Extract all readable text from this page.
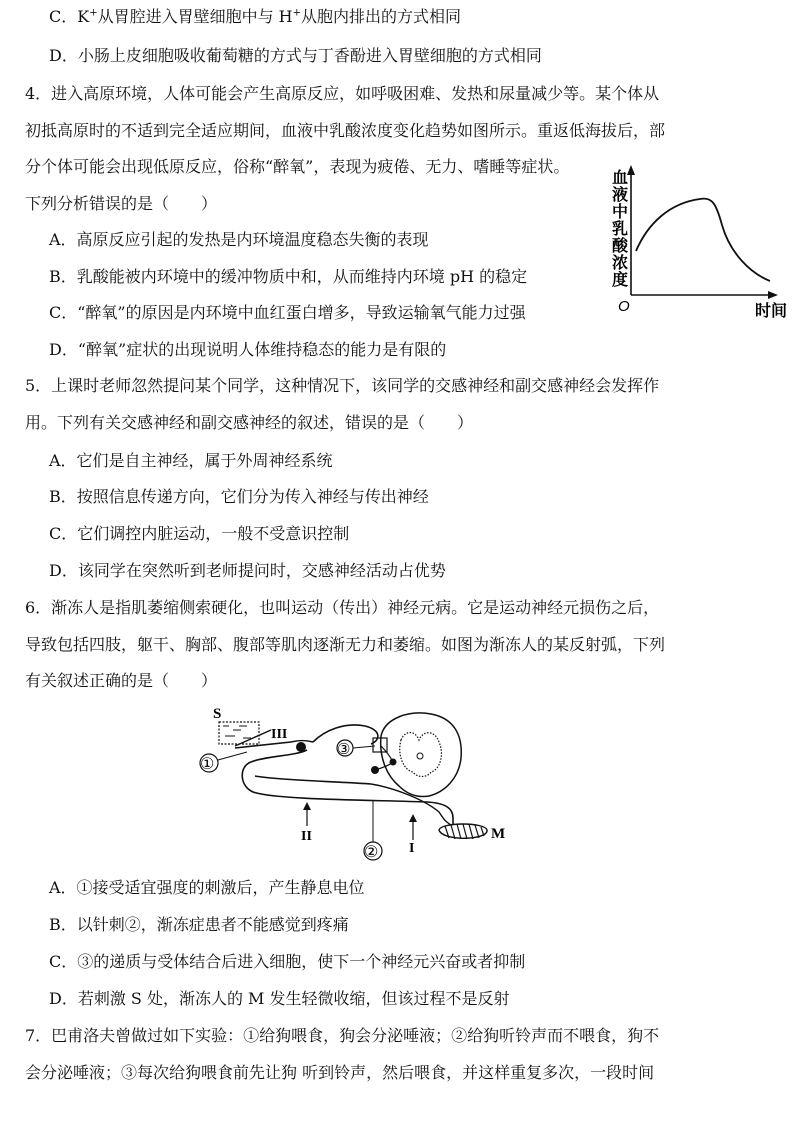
C．K+从胃腔进入胃壁细胞中与 H+从胞内排出的方式相同
D．小肠上皮细胞吸收葡萄糖的方式与丁香酚进入胃壁细胞的方式相同
4．进入高原环境，人体可能会产生高原反应，如呼吸困难、发热和尿量减少等。某个体从
初抵高原时的不适到完全适应期间，血液中乳酸浓度变化趋势如图所示。重返低海拔后，部
分个体可能会出现低原反应，俗称“醉氧”，表现为疲倦、无力、嗜睡等症状。
下列分析错误的是（　　）
A．高原反应引起的发热是内环境温度稳态失衡的表现
B．乳酸能被内环境中的缓冲物质中和，从而维持内环境 pH 的稳定
C．“醉氧”的原因是内环境中血红蛋白增多，导致运输氧气能力过强
D．“醉氧”症状的出现说明人体维持稳态的能力是有限的
血液中乳酸浓度
O	时间
5．上课时老师忽然提问某个同学，这种情况下，该同学的交感神经和副交感神经会发挥作
用。下列有关交感神经和副交感神经的叙述，错误的是（　　）
A．它们是自主神经，属于外周神经系统
B．按照信息传递方向，它们分为传入神经与传出神经
C．它们调控内脏运动，一般不受意识控制
D．该同学在突然听到老师提问时，交感神经活动占优势
6．渐冻人是指肌萎缩侧索硬化，也叫运动（传出）神经元病。它是运动神经元损伤之后，
导致包括四肢，躯干、胸部、腹部等肌肉逐渐无力和萎缩。如图为渐冻人的某反射弧，下列
有关叙述正确的是（　　）
S
III
①
③
M
I
II
②
A．①接受适宜强度的刺激后，产生静息电位
B．以针刺②，渐冻症患者不能感觉到疼痛
C．③的递质与受体结合后进入细胞，使下一个神经元兴奋或者抑制
D．若刺激 S 处，渐冻人的 M 发生轻微收缩，但该过程不是反射
7．巴甫洛夫曾做过如下实验：①给狗喂食，狗会分泌唾液；②给狗听铃声而不喂食，狗不
会分泌唾液；③每次给狗喂食前先让狗 听到铃声，然后喂食，并这样重复多次，一段时间
